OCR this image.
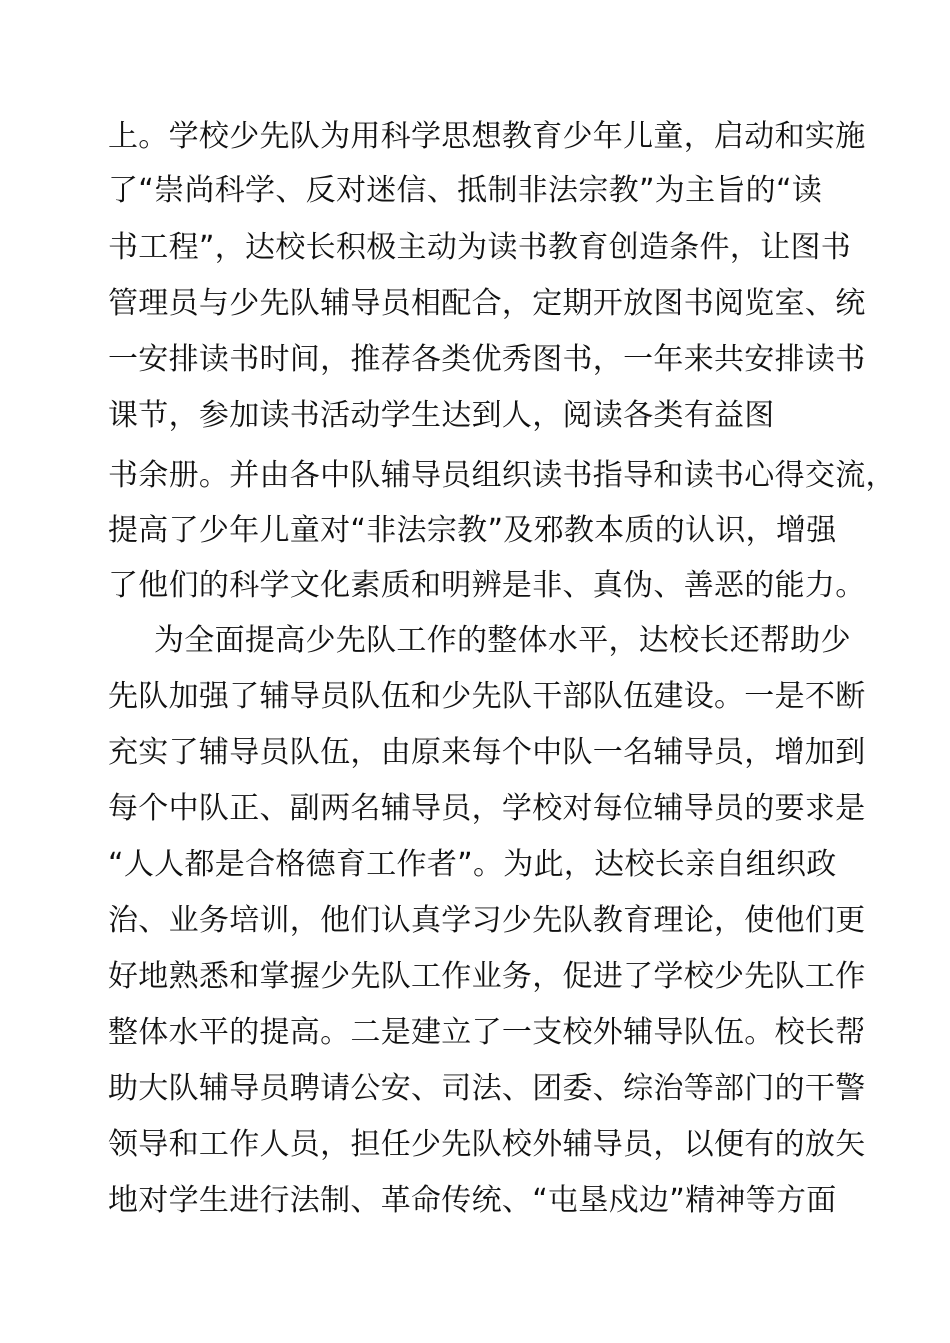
上。学校少先队为用科学思想教育少年儿童，启动和实施
了“崇尚科学、反对迷信、抵制非法宗教”为主旨的“读
书工程”，达校长积极主动为读书教育创造条件，让图书
管理员与少先队辅导员相配合，定期开放图书阅览室、统
一安排读书时间，推荐各类优秀图书，一年来共安排读书
课节，参加读书活动学生达到人，阅读各类有益图
书余册。并由各中队辅导员组织读书指导和读书心得交流，
提高了少年儿童对“非法宗教”及邪教本质的认识，增强
了他们的科学文化素质和明辨是非、真伪、善恶的能力。
为全面提高少先队工作的整体水平，达校长还帮助少
先队加强了辅导员队伍和少先队干部队伍建设。一是不断
充实了辅导员队伍，由原来每个中队一名辅导员，增加到
每个中队正、副两名辅导员，学校对每位辅导员的要求是
“人人都是合格德育工作者”。为此，达校长亲自组织政
治、业务培训，他们认真学习少先队教育理论，使他们更
好地熟悉和掌握少先队工作业务，促进了学校少先队工作
整体水平的提高。二是建立了一支校外辅导队伍。校长帮
助大队辅导员聘请公安、司法、团委、综治等部门的干警
领导和工作人员，担任少先队校外辅导员，以便有的放矢
地对学生进行法制、革命传统、“屯垦戍边”精神等方面
